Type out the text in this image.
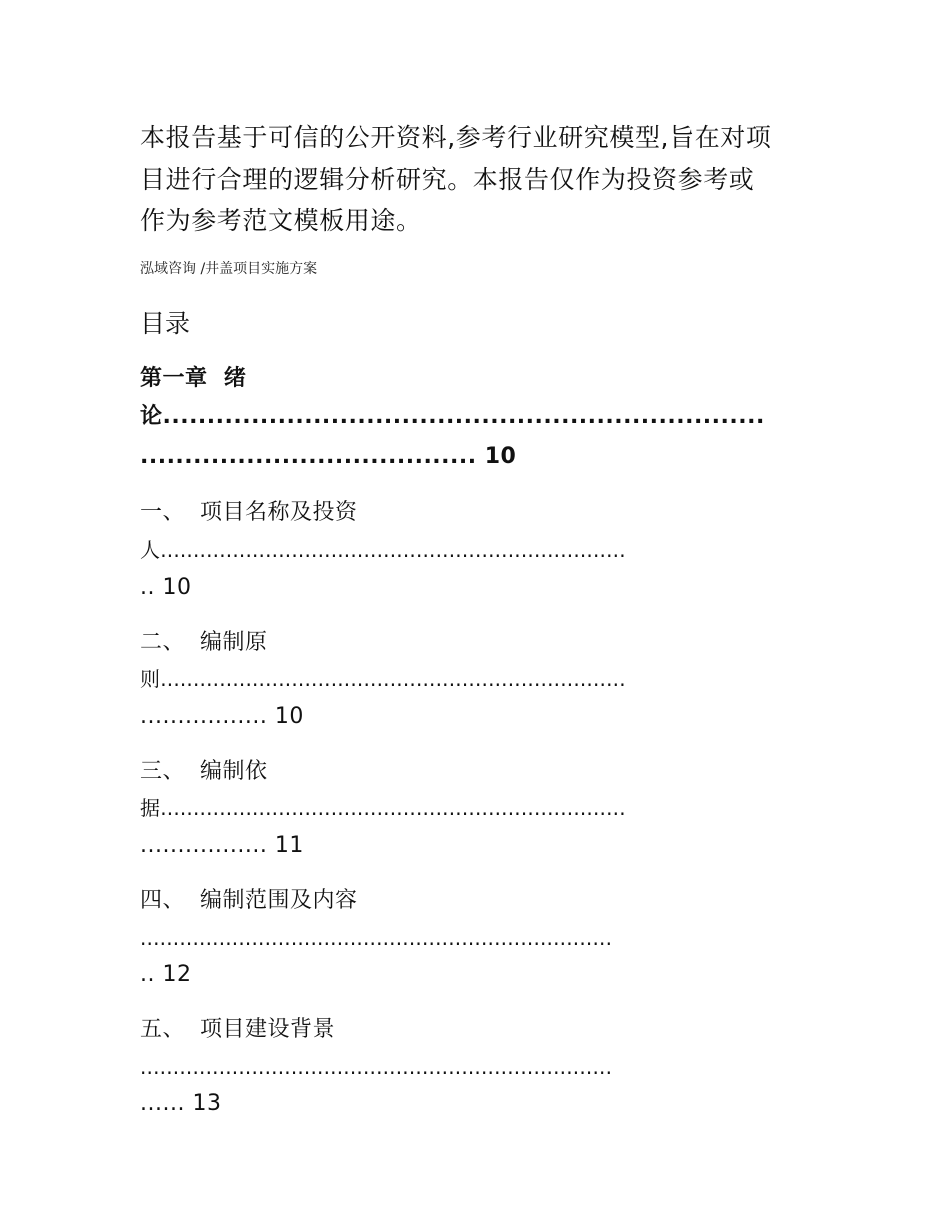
本报告基于可信的公开资料,参考行业研究模型,旨在对项
目进行合理的逻辑分析研究。本报告仅作为投资参考或
作为参考范文模板用途。
泓域咨询 /井盖项目实施方案
目录
第一章  绪
论....................................................................
...................................... 10
一、  项目名称及投资
人.......................................................................
.. 10
二、  编制原
则.......................................................................
................. 10
三、  编制依
据.......................................................................
................. 11
四、  编制范围及内容
........................................................................
.. 12
五、  项目建设背景
........................................................................
...... 13
